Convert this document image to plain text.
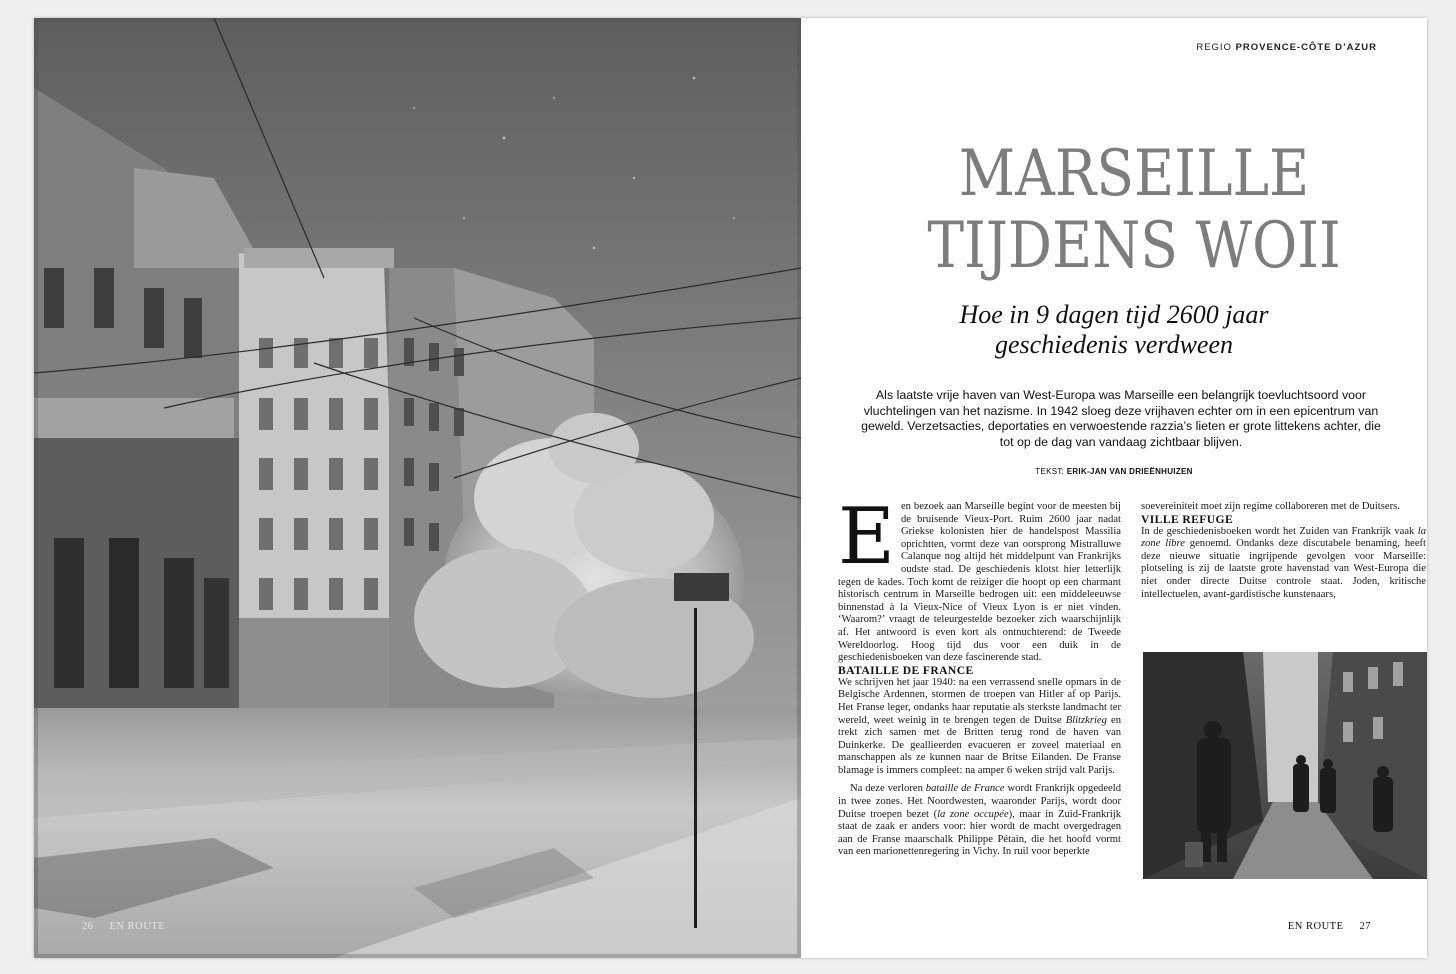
26 EN ROUTE
REGIO PROVENCE-CÔTE D’AZUR
MARSEILLE
TIJDENS WOII
Hoe in 9 dagen tijd 2600 jaar
geschiedenis verdween
Als laatste vrije haven van West-Europa was Marseille een belangrijk toevluchtsoord voor vluchtelingen van het nazisme. In 1942 sloeg deze vrijhaven echter om in een epicentrum van geweld. Verzetsacties, deportaties en verwoestende razzia’s lieten er grote littekens achter, die tot op de dag van vandaag zichtbaar blijven.
TEKST: ERIK-JAN VAN DRIEËNHUIZEN

Een bezoek aan Marseille begint voor de meesten bij de bruisende Vieux-Port. Ruim 2600 jaar nadat Griekse kolonisten hier de handelspost Massilia oprichtten, vormt deze van oorsprong Mistralluwe Calanque nog altijd hét middelpunt van Frankrijks oudste stad. De geschiedenis klotst hier letterlijk tegen de kades. Toch komt de reiziger die hoopt op een charmant historisch centrum in Marseille bedrogen uit: een middeleeuwse binnenstad à la Vieux-Nice of Vieux Lyon is er niet vinden. ‘Waarom?’ vraagt de teleurgestelde bezoeker zich waarschijnlijk af. Het antwoord is even kort als ontnuchterend: de Tweede Wereldoorlog. Hoog tijd dus voor een duik in de geschiedenisboeken van deze fascinerende stad.

BATAILLE DE FRANCE

We schrijven het jaar 1940: na een verrassend snelle opmars in de Belgische Ardennen, stormen de troepen van Hitler af op Parijs. Het Franse leger, ondanks haar reputatie als sterkste landmacht ter wereld, weet weinig in te brengen tegen de Duitse Blitzkrieg en trekt zich samen met de Britten terug rond de haven van Duinkerke. De geallieerden evacueren er zoveel materiaal en manschappen als ze kunnen naar de Britse Eilanden. De Franse blamage is immers compleet: na amper 6 weken strijd valt Parijs.

Na deze verloren bataille de France wordt Frankrijk opgedeeld in twee zones. Het Noordwesten, waaronder Parijs, wordt door Duitse troepen bezet (la zone occupée), maar in Zuid-Frankrijk staat de zaak er anders voor: hier wordt de macht overgedragen aan de Franse maarschalk Philippe Pétain, die het hoofd vormt van een marionettenregering in Vichy. In ruil voor beperkte

soevereiniteit moet zijn regime collaboreren met de Duitsers.

VILLE REFUGE

In de geschiedenisboeken wordt het Zuiden van Frankrijk vaak la zone libre genoemd. Ondanks deze discutabele benaming, heeft deze nieuwe situatie ingrijpende gevolgen voor Marseille: plotseling is zij de laatste grote havenstad van West-Europa die niet onder directe Duitse controle staat. Joden, kritische intellectuelen, avant-gardistische kunstenaars,

EN ROUTE 27
